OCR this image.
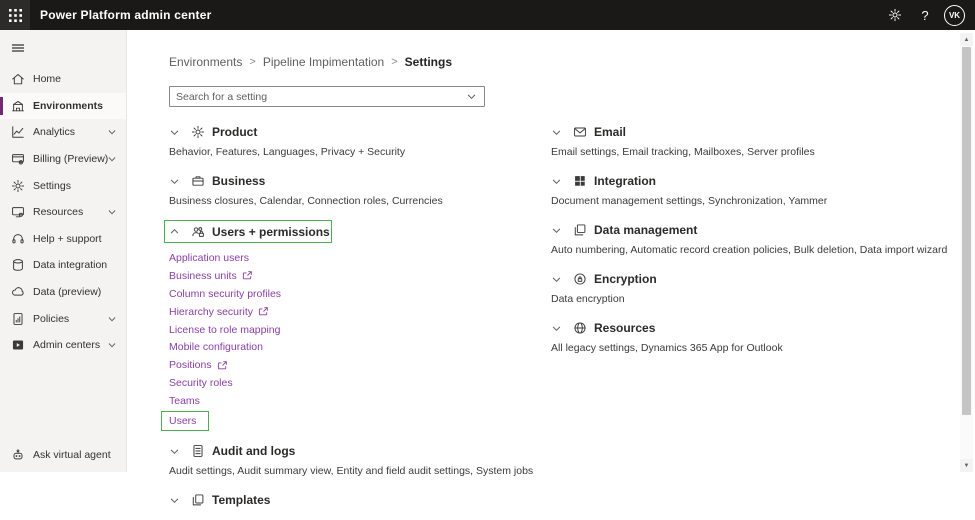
Power Platform admin center	?	VK
Home
Environments
Analytics
Billing (Preview)
Settings
Resources
Help + support
Data integration
Data (preview)
Policies
Admin centers
Ask virtual agent
Environments > Pipeline Impimentation > Settings
Search for a setting
Product
Behavior, Features, Languages, Privacy + Security
Business
Business closures, Calendar, Connection roles, Currencies
Users + permissions
Application users
Business units
Column security profiles
Hierarchy security
License to role mapping
Mobile configuration
Positions
Security roles
Teams
Users
Audit and logs
Audit settings, Audit summary view, Entity and field audit settings, System jobs
Templates
Email
Email settings, Email tracking, Mailboxes, Server profiles
Integration
Document management settings, Synchronization, Yammer
Data management
Auto numbering, Automatic record creation policies, Bulk deletion, Data import wizard
Encryption
Data encryption
Resources
All legacy settings, Dynamics 365 App for Outlook
▲
▼
